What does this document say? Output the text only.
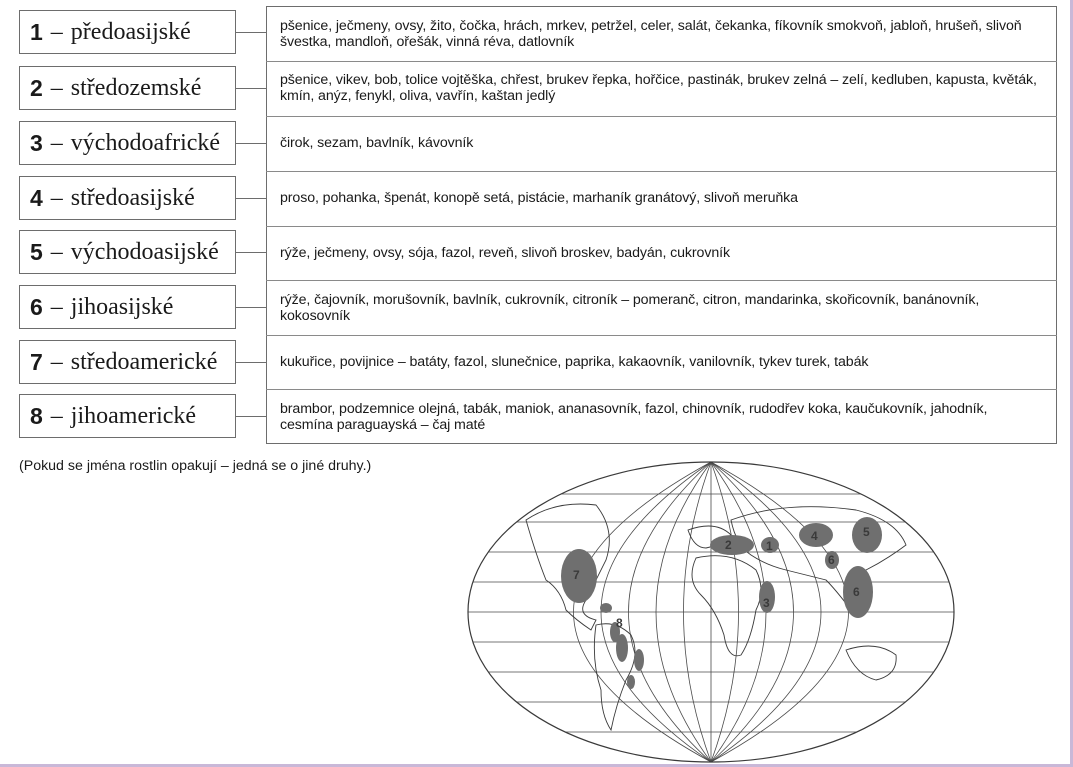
1 – předoasijské	pšenice, ječmeny, ovsy, žito, čočka, hrách, mrkev, petržel, celer, salát, čekanka, fíkovník smokvoň, jabloň, hrušeň, slivoň švestka, mandloň, ořešák, vinná réva, datlovník
2 – středozemské	pšenice, vikev, bob, tolice vojtěška, chřest, brukev řepka, hořčice, pastinák, brukev zelná – zelí, kedluben, kapusta, květák, kmín, anýz, fenykl, oliva, vavřín, kaštan jedlý
3 – východoafrické	čirok, sezam, bavlník, kávovník
4 – středoasijské	proso, pohanka, špenát, konopě setá, pistácie, marhaník granátový, slivoň meruňka
5 – východoasijské	rýže, ječmeny, ovsy, sója, fazol, reveň, slivoň broskev, badyán, cukrovník
6 – jihoasijské	rýže, čajovník, morušovník, bavlník, cukrovník, citroník – pomeranč, citron, mandarinka, skořicovník, banánovník, kokosovník
7 – středoamerické	kukuřice, povijnice – batáty, fazol, slunečnice, paprika, kakaovník, vanilovník, tykev turek, tabák
8 – jihoamerické	brambor, podzemnice olejná, tabák, maniok, ananasovník, fazol, chinovník, rudodřev koka, kaučukovník, jahodník, cesmína paraguayská – čaj maté
(Pokud se jména rostlin opakují – jedná se o jiné druhy.)
7
8
2	1
3
4	5
6
6
